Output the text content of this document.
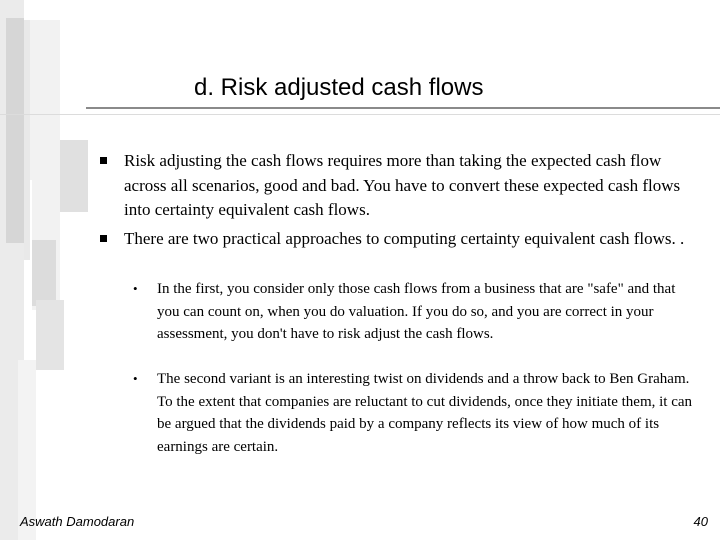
d. Risk adjusted cash flows
Risk adjusting the cash flows requires more than taking the expected cash flow across all scenarios, good and bad. You have to convert these expected cash flows into certainty equivalent cash flows.
There are two practical approaches to computing certainty equivalent cash flows. .
• In the first, you consider only those cash flows from a business that are "safe" and that you can count on, when you do valuation. If you do so, and you are correct in your assessment, you don't have to risk adjust the cash flows.
• The second variant is an interesting twist on dividends and a throw back to Ben Graham. To the extent that companies are reluctant to cut dividends, once they initiate them, it can be argued that the dividends paid by a company reflects its view of how much of its earnings are certain.
Aswath Damodaran	40
